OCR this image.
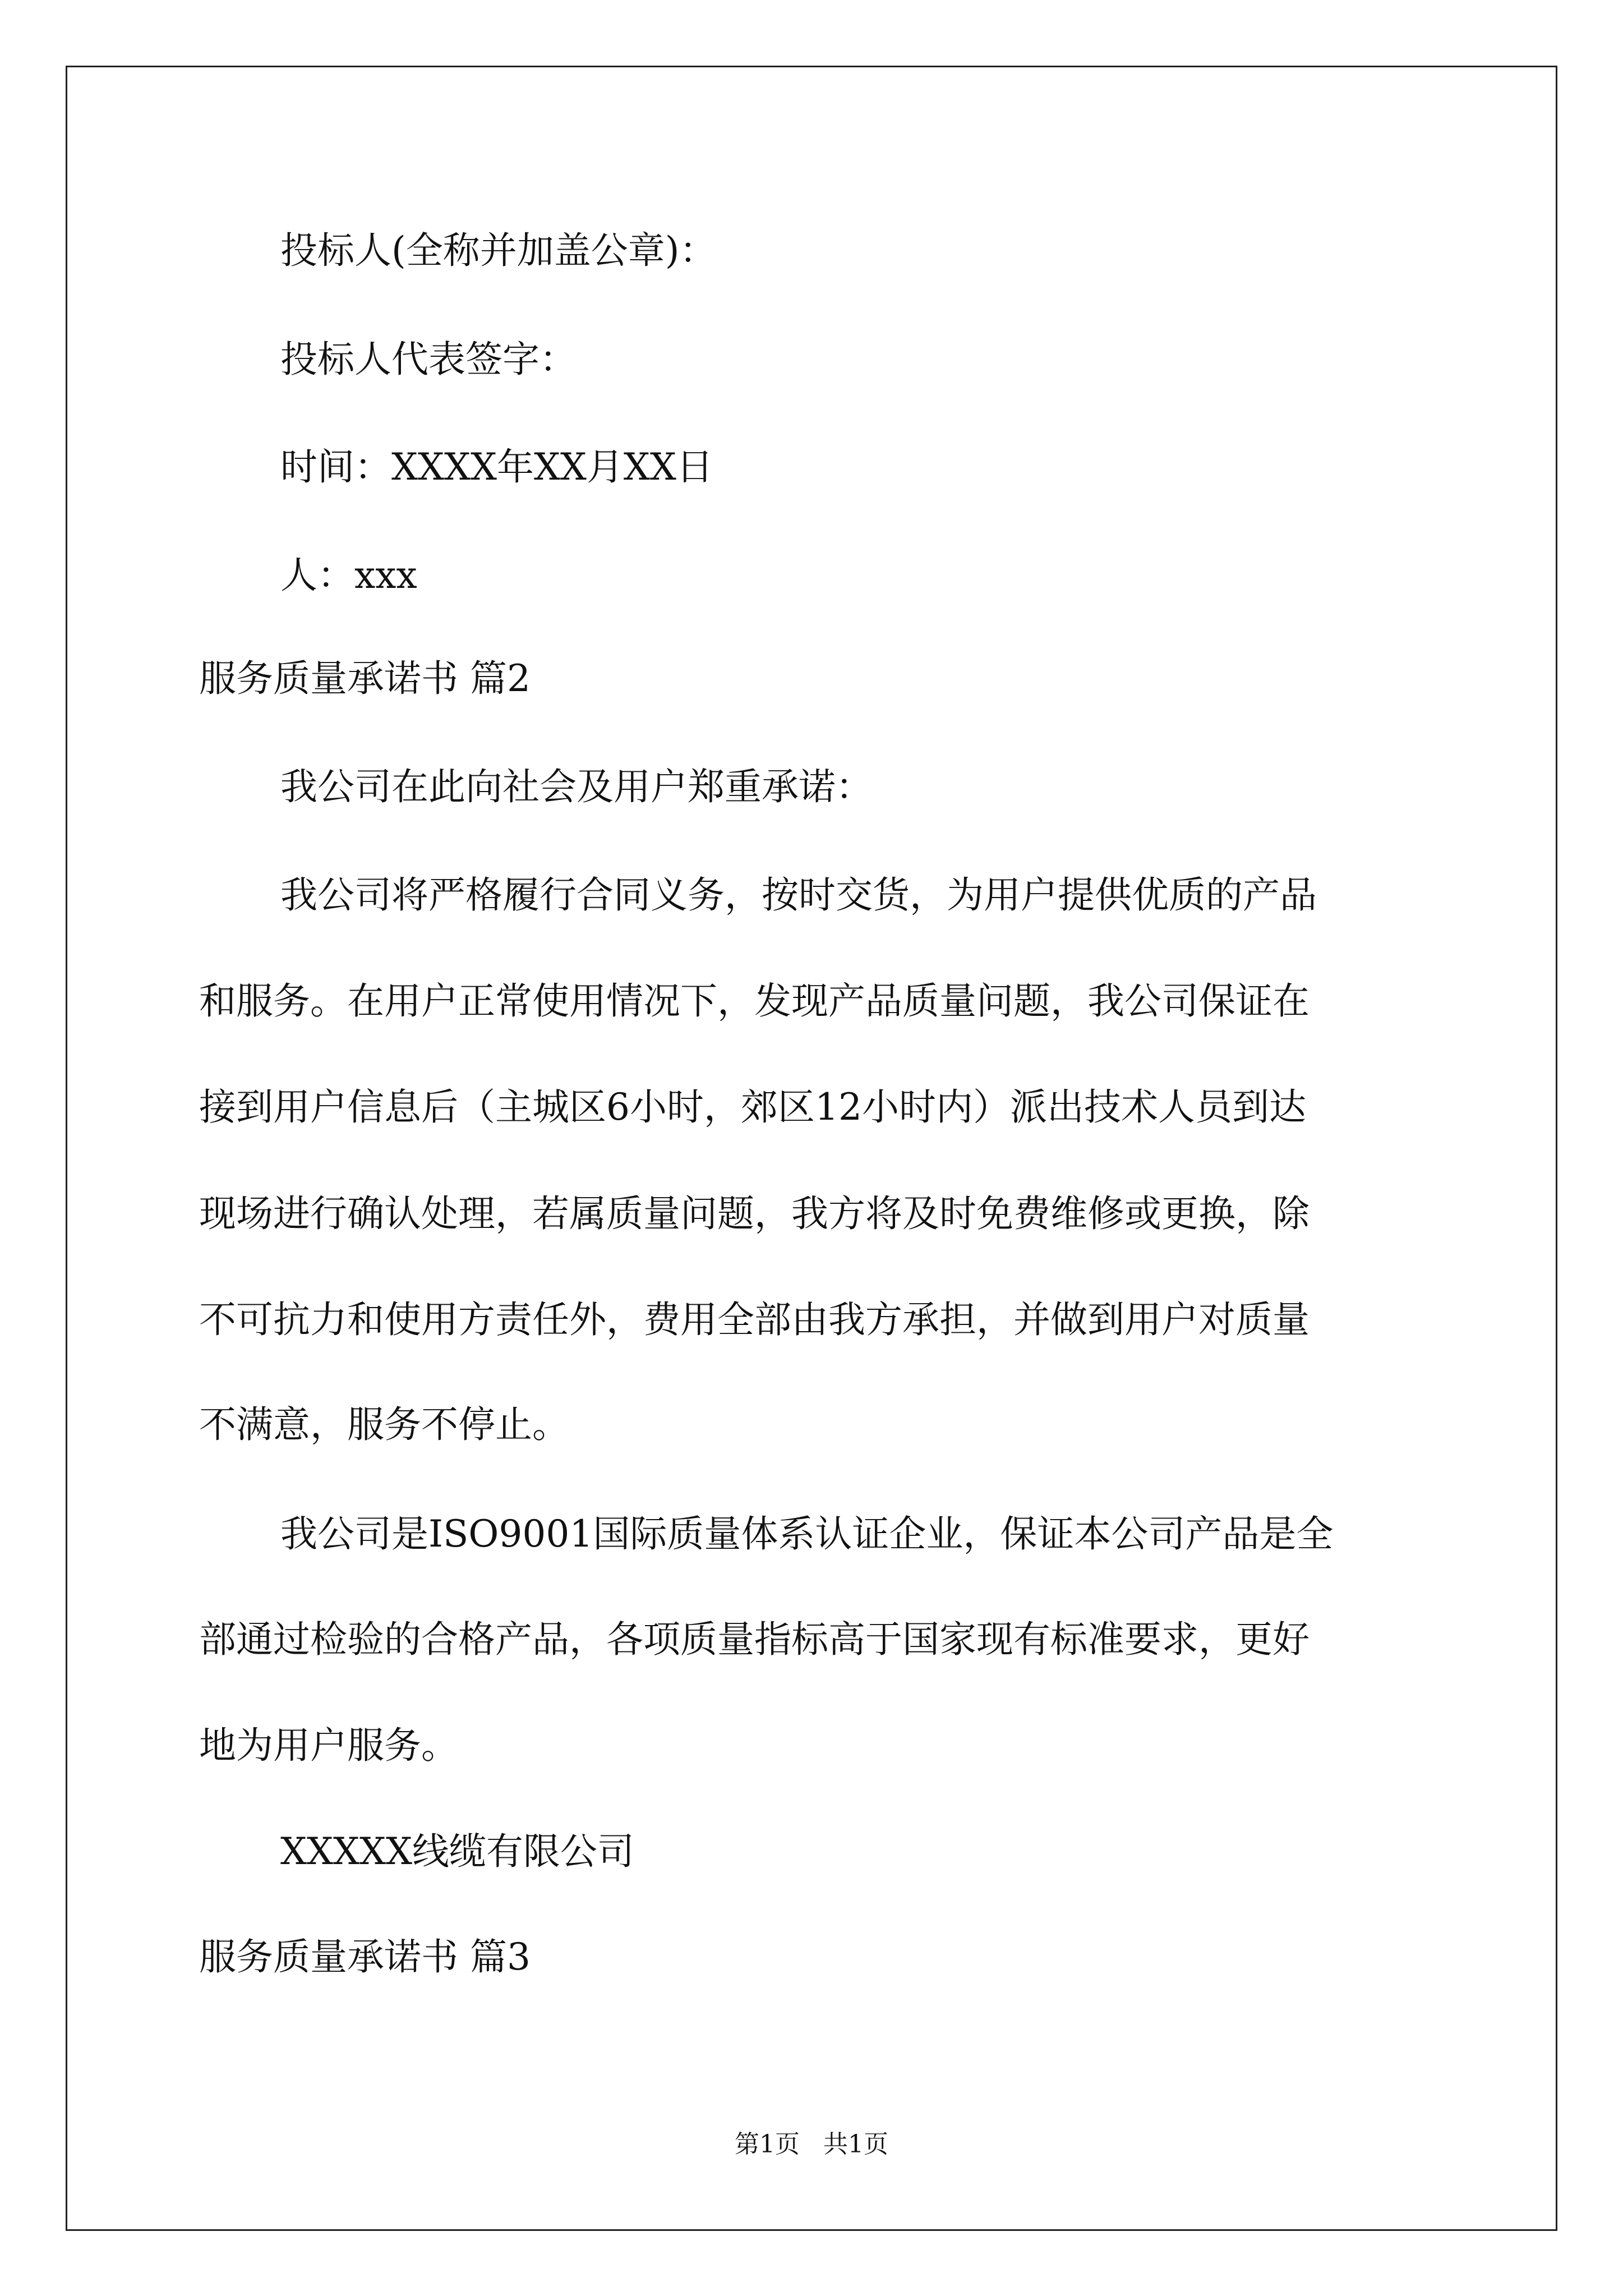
投标人(全称并加盖公章)：

投标人代表签字：

时间：XXXX年XX月XX日

人：xxx

服务质量承诺书 篇2

我公司在此向社会及用户郑重承诺：

我公司将严格履行合同义务，按时交货，为用户提供优质的产品

和服务。在用户正常使用情况下，发现产品质量问题，我公司保证在

接到用户信息后（主城区6小时，郊区12小时内）派出技术人员到达

现场进行确认处理，若属质量问题，我方将及时免费维修或更换，除

不可抗力和使用方责任外，费用全部由我方承担，并做到用户对质量

不满意，服务不停止。

我公司是ISO9001国际质量体系认证企业，保证本公司产品是全

部通过检验的合格产品，各项质量指标高于国家现有标准要求，更好

地为用户服务。

XXXXX线缆有限公司

服务质量承诺书 篇3

第1页   共1页
